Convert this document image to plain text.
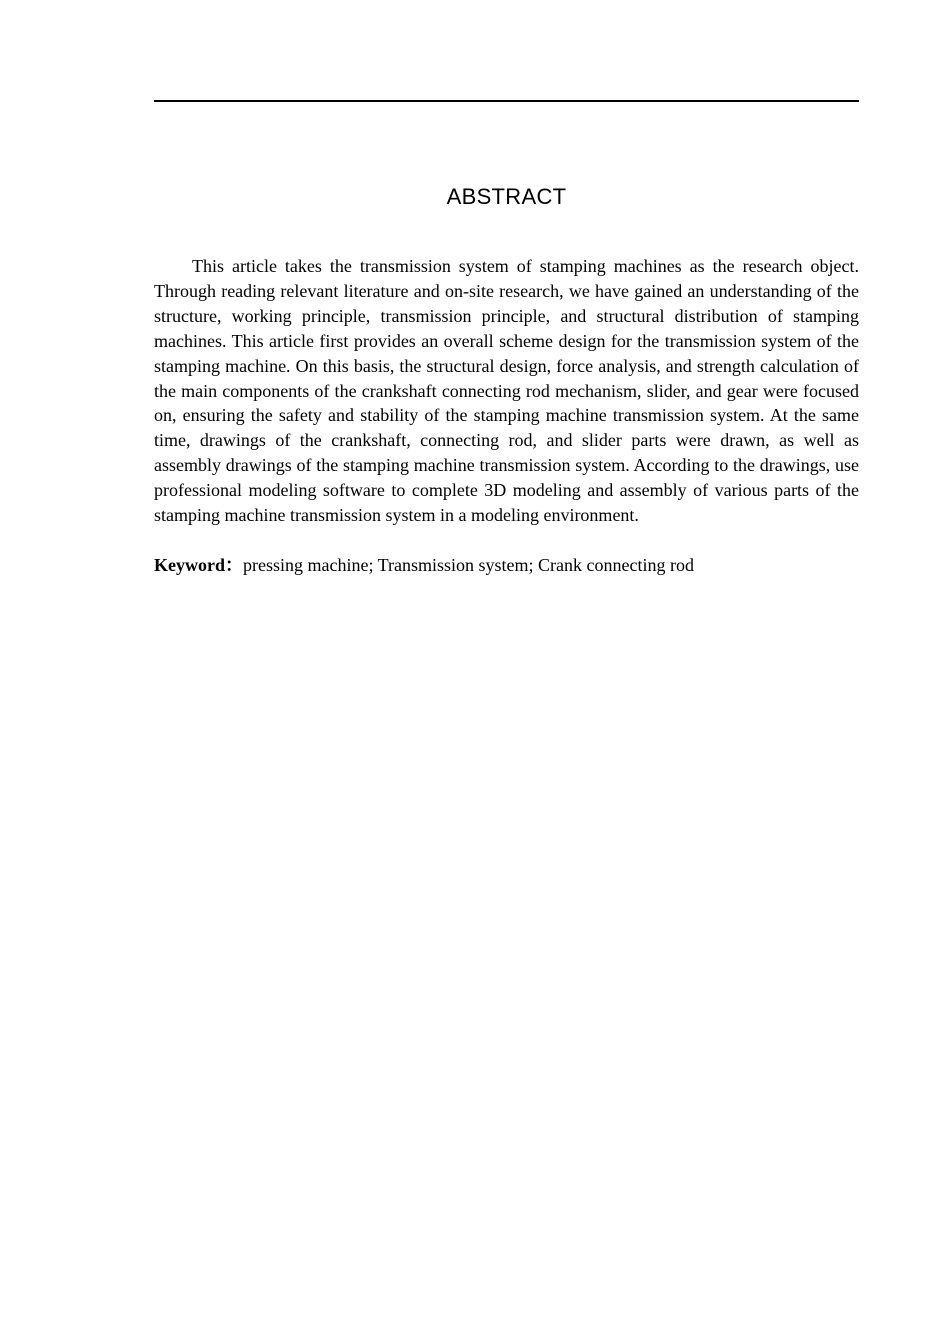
ABSTRACT

This article takes the transmission system of stamping machines as the research object. Through reading relevant literature and on-site research, we have gained an understanding of the structure, working principle, transmission principle, and structural distribution of stamping machines. This article first provides an overall scheme design for the transmission system of the stamping machine. On this basis, the structural design, force analysis, and strength calculation of the main components of the crankshaft connecting rod mechanism, slider, and gear were focused on, ensuring the safety and stability of the stamping machine transmission system. At the same time, drawings of the crankshaft, connecting rod, and slider parts were drawn, as well as assembly drawings of the stamping machine transmission system. According to the drawings, use professional modeling software to complete 3D modeling and assembly of various parts of the stamping machine transmission system in a modeling environment.

Keyword：pressing machine; Transmission system; Crank connecting rod
